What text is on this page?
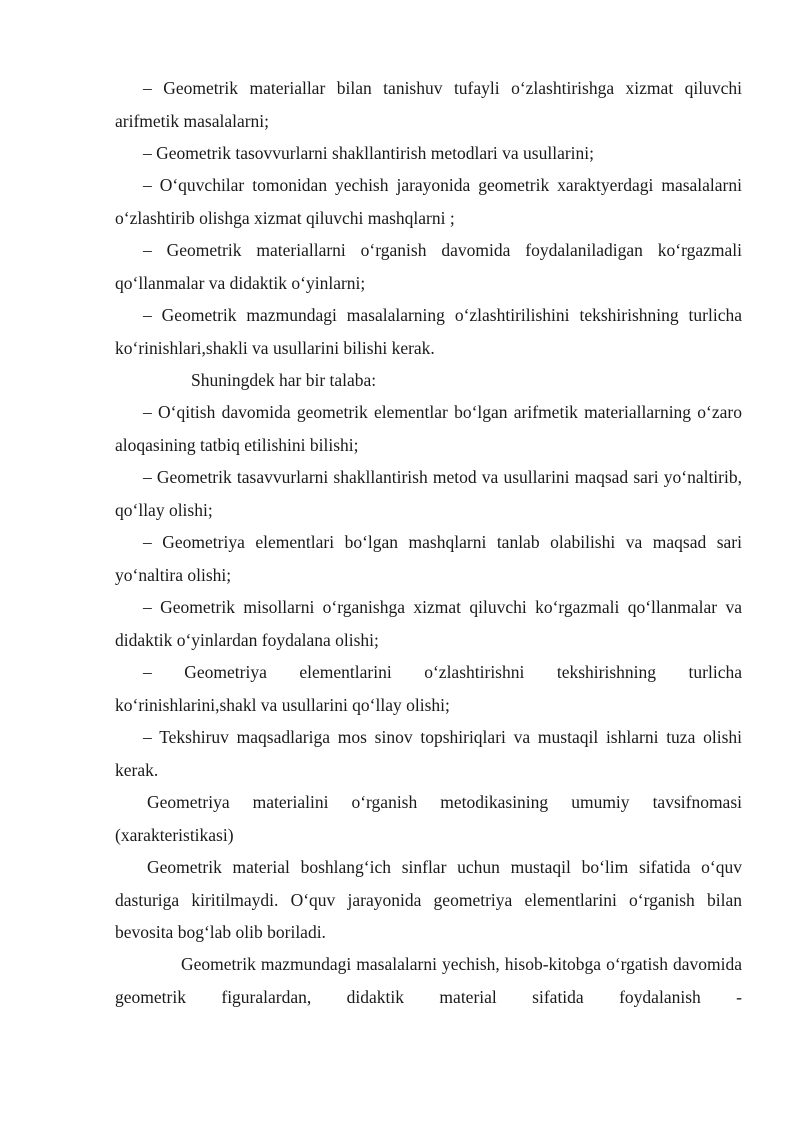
– Geometrik materiallar bilan tanishuv tufayli o‘zlashtirishga xizmat qiluvchi arifmetik masalalarni;

– Geometrik tasovvurlarni shakllantirish metodlari va usullarini;

– O‘quvchilar tomonidan yechish jarayonida geometrik xaraktyerdagi masalalarni o‘zlashtirib olishga xizmat qiluvchi mashqlarni ;

– Geometrik materiallarni o‘rganish davomida foydalaniladigan ko‘rgazmali qo‘llanmalar va didaktik o‘yinlarni;

– Geometrik mazmundagi masalalarning o‘zlashtirilishini tekshirishning turlicha ko‘rinishlari,shakli va usullarini bilishi kerak.

Shuningdek har bir talaba:

– O‘qitish davomida geometrik elementlar bo‘lgan arifmetik materiallarning o‘zaro aloqasining tatbiq etilishini bilishi;

– Geometrik tasavvurlarni shakllantirish metod va usullarini maqsad sari yo‘naltirib, qo‘llay olishi;

– Geometriya elementlari bo‘lgan mashqlarni tanlab olabilishi va maqsad sari yo‘naltira olishi;

– Geometrik misollarni o‘rganishga xizmat qiluvchi ko‘rgazmali qo‘llanmalar va didaktik o‘yinlardan foydalana olishi;

– Geometriya elementlarini o‘zlashtirishni tekshirishning turlicha ko‘rinishlarini,shakl va usullarini qo‘llay olishi;

– Tekshiruv maqsadlariga mos sinov topshiriqlari va mustaqil ishlarni tuza olishi kerak.

Geometriya materialini o‘rganish metodikasining umumiy tavsifnomasi (xarakteristikasi)

Geometrik material boshlang‘ich sinflar uchun mustaqil bo‘lim sifatida o‘quv dasturiga kiritilmaydi. O‘quv jarayonida geometriya elementlarini o‘rganish bilan bevosita bog‘lab olib boriladi.

Geometrik mazmundagi masalalarni yechish, hisob-kitobga o‘rgatish davomida geometrik figuralardan, didaktik material sifatida foydalanish -
